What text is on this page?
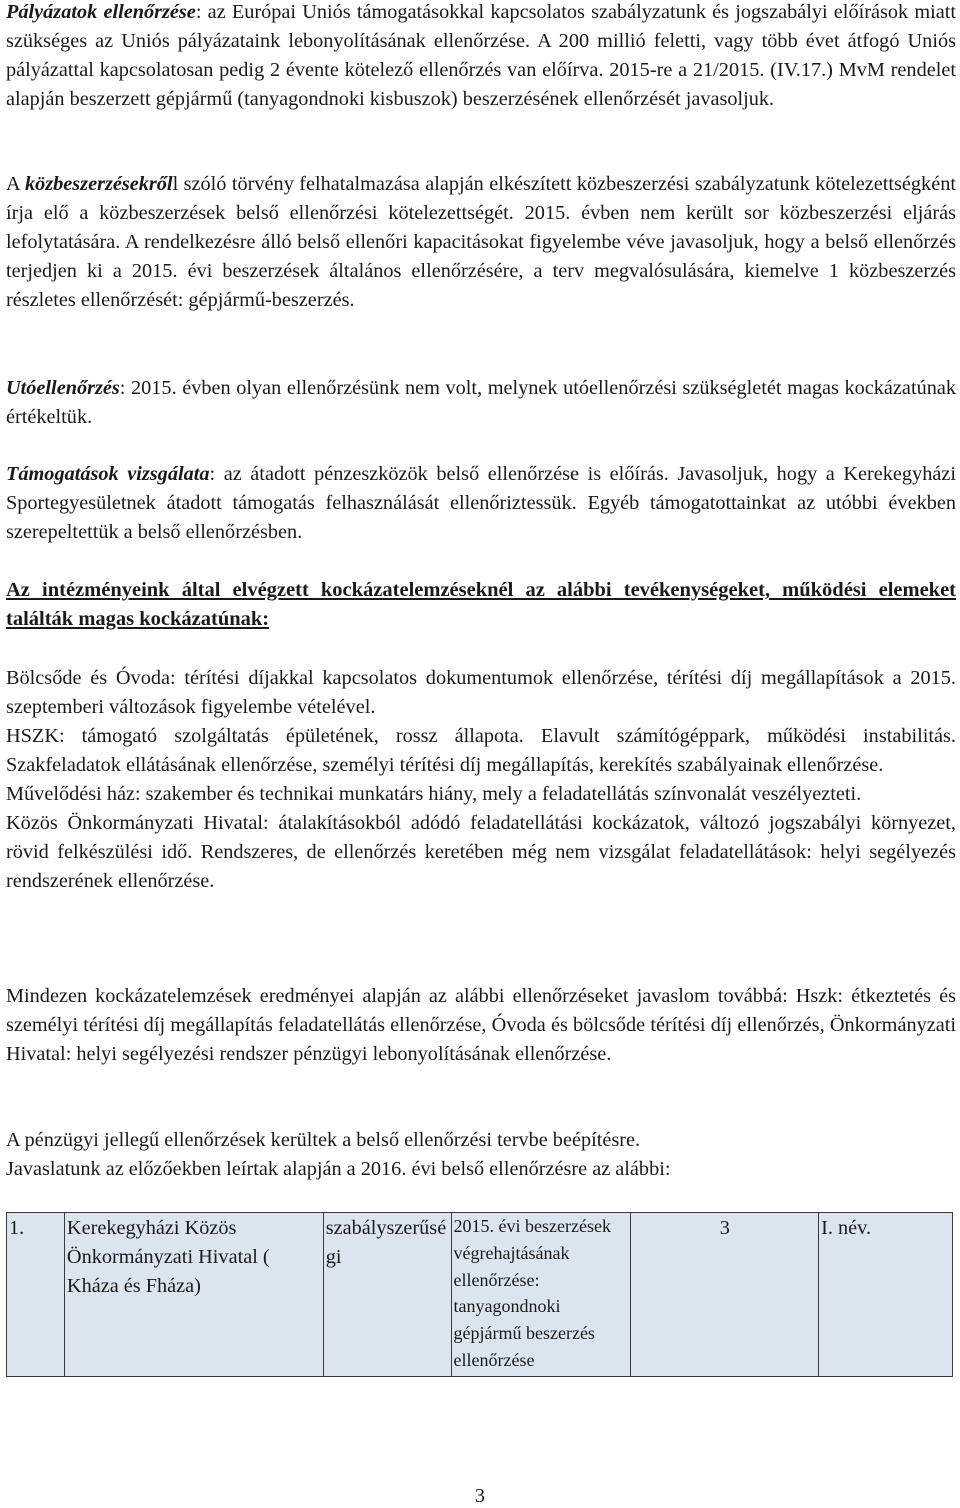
Pályázatok ellenőrzése: az Európai Uniós támogatásokkal kapcsolatos szabályzatunk és jogszabályi előírások miatt szükséges az Uniós pályázataink lebonyolításának ellenőrzése. A 200 millió feletti, vagy több évet átfogó Uniós pályázattal kapcsolatosan pedig 2 évente kötelező ellenőrzés van előírva. 2015-re a 21/2015. (IV.17.) MvM rendelet alapján beszerzett gépjármű (tanyagondnoki kisbuszok) beszerzésének ellenőrzését javasoljuk.

A közbeszerzésekrőll szóló törvény felhatalmazása alapján elkészített közbeszerzési szabályzatunk kötelezettségként írja elő a közbeszerzések belső ellenőrzési kötelezettségét. 2015. évben nem került sor közbeszerzési eljárás lefolytatására. A rendelkezésre álló belső ellenőri kapacitásokat figyelembe véve javasoljuk, hogy a belső ellenőrzés terjedjen ki a 2015. évi beszerzések általános ellenőrzésére, a terv megvalósulására, kiemelve 1 közbeszerzés részletes ellenőrzését: gépjármű-beszerzés.

Utóellenőrzés: 2015. évben olyan ellenőrzésünk nem volt, melynek utóellenőrzési szükségletét magas kockázatúnak értékeltük.

Támogatások vizsgálata: az átadott pénzeszközök belső ellenőrzése is előírás. Javasoljuk, hogy a Kerekegyházi Sportegyesületnek átadott támogatás felhasználását ellenőriztessük. Egyéb támogatottainkat az utóbbi években szerepeltettük a belső ellenőrzésben.

Az intézményeink által elvégzett kockázatelemzéseknél az alábbi tevékenységeket, működési elemeket találták magas kockázatúnak:

Bölcsőde és Óvoda: térítési díjakkal kapcsolatos dokumentumok ellenőrzése, térítési díj megállapítások a 2015. szeptemberi változások figyelembe vételével.

HSZK: támogató szolgáltatás épületének, rossz állapota. Elavult számítógéppark, működési instabilitás. Szakfeladatok ellátásának ellenőrzése, személyi térítési díj megállapítás, kerekítés szabályainak ellenőrzése.

Művelődési ház: szakember és technikai munkatárs hiány, mely a feladatellátás színvonalát veszélyezteti.

Közös Önkormányzati Hivatal: átalakításokból adódó feladatellátási kockázatok, változó jogszabályi környezet, rövid felkészülési idő. Rendszeres, de ellenőrzés keretében még nem vizsgálat feladatellátások: helyi segélyezés rendszerének ellenőrzése.

Mindezen kockázatelemzések eredményei alapján az alábbi ellenőrzéseket javaslom továbbá: Hszk: étkeztetés és személyi térítési díj megállapítás feladatellátás ellenőrzése, Óvoda és bölcsőde térítési díj ellenőrzés, Önkormányzati Hivatal: helyi segélyezési rendszer pénzügyi lebonyolításának ellenőrzése.

A pénzügyi jellegű ellenőrzések kerültek a belső ellenőrzési tervbe beépítésre.

Javaslatunk az előzőekben leírtak alapján a 2016. évi belső ellenőrzésre az alábbi:

1.	Kerekegyházi Közös Önkormányzati Hivatal ( Kháza és Fháza)	szabályszerűségi	2015. évi beszerzések végrehajtásának ellenőrzése: tanyagondnoki gépjármű beszerzés ellenőrzése	3	I. név.
3
